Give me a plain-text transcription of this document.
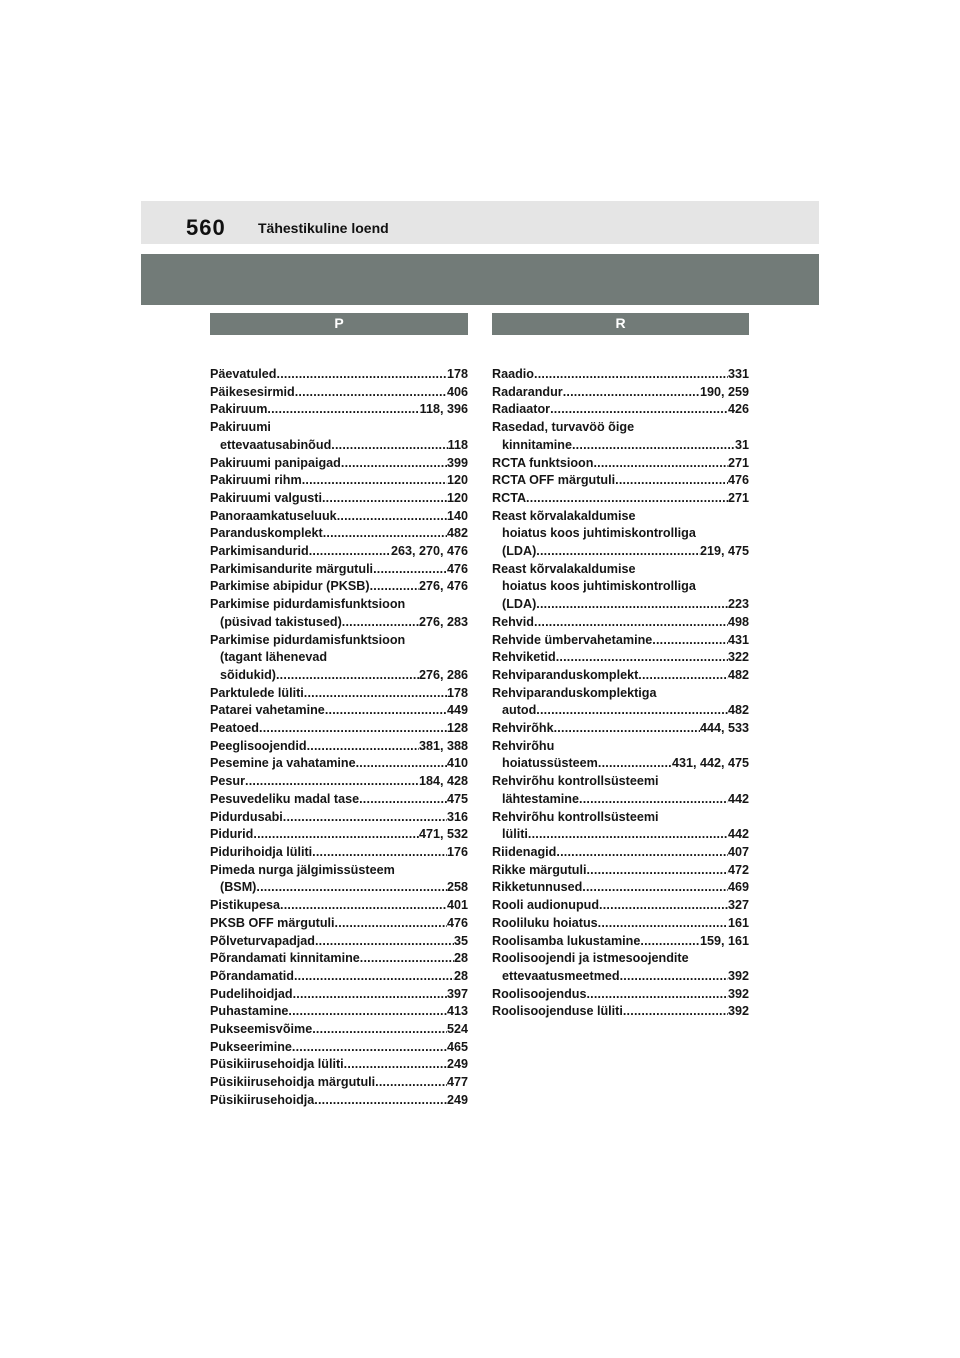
560 Tähestikuline loend
P
Päevatuled .....	178
Päikesesirmid .....	406
Pakiruum .....	118, 396
Pakiruumi
ettevaatusabinõud .....	118
Pakiruumi panipaigad .....	399
Pakiruumi rihm .....	120
Pakiruumi valgusti .....	120
Panoraamkatuseluuk .....	140
Paranduskomplekt .....	482
Parkimisandurid .....	263, 270, 476
Parkimisandurite märgutuli .....	476
Parkimise abipidur (PKSB) .....	276, 476
Parkimise pidurdamisfunktsioon
(püsivad takistused) .....	276, 283
Parkimise pidurdamisfunktsioon
(tagant lähenevad
sõidukid) .....	276, 286
Parktulede lüliti .....	178
Patarei vahetamine .....	449
Peatoed .....	128
Peeglisoojendid .....	381, 388
Pesemine ja vahatamine .....	410
Pesur .....	184, 428
Pesuvedeliku madal tase .....	475
Pidurdusabi .....	316
Pidurid .....	471, 532
Pidurihoidja lüliti .....	176
Pimeda nurga jälgimissüsteem
(BSM) .....	258
Pistikupesa .....	401
PKSB OFF märgutuli .....	476
Põlveturvapadjad .....	35
Põrandamati kinnitamine .....	28
Põrandamatid .....	28
Pudelihoidjad .....	397
Puhastamine .....	413
Pukseemisvõime .....	524
Pukseerimine .....	465
Püsikiirusehoidja lüliti .....	249
Püsikiirusehoidja märgutuli .....	477
Püsikiirusehoidja .....	249
R
Raadio .....	331
Radarandur .....	190, 259
Radiaator .....	426
Rasedad, turvavöö õige
kinnitamine .....	31
RCTA funktsioon .....	271
RCTA OFF märgutuli .....	476
RCTA .....	271
Reast kõrvalakaldumise
hoiatus koos juhtimiskontrolliga
(LDA) .....	219, 475
Reast kõrvalakaldumise
hoiatus koos juhtimiskontrolliga
(LDA) .....	223
Rehvid .....	498
Rehvide ümbervahetamine .....	431
Rehviketid .....	322
Rehviparanduskomplekt .....	482
Rehviparanduskomplektiga
autod .....	482
Rehvirõhk .....	444, 533
Rehvirõhu
hoiatussüsteem .....	431, 442, 475
Rehvirõhu kontrollsüsteemi
lähtestamine .....	442
Rehvirõhu kontrollsüsteemi
lüliti .....	442
Riidenagid .....	407
Rikke märgutuli .....	472
Rikketunnused .....	469
Rooli audionupud .....	327
Rooliluku hoiatus .....	161
Roolisamba lukustamine .....	159, 161
Roolisoojendi ja istmesoojendite
ettevaatusmeetmed .....	392
Roolisoojendus .....	392
Roolisoojenduse lüliti .....	392
